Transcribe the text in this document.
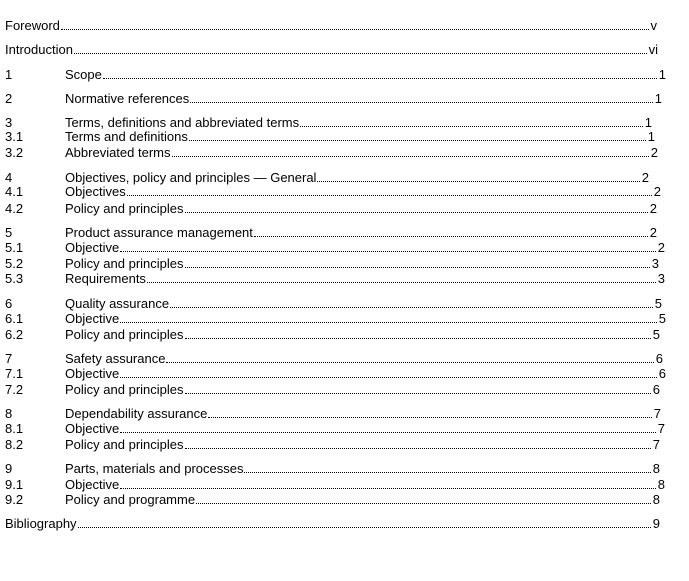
Foreword	v
Introduction	vi
1	Scope	1
2	Normative references	1
3	Terms, definitions and abbreviated terms	1
3.1	Terms and definitions	1
3.2	Abbreviated terms	2
4	Objectives, policy and principles — General	2
4.1	Objectives	2
4.2	Policy and principles	2
5	Product assurance management	2
5.1	Objective	2
5.2	Policy and principles	3
5.3	Requirements	3
6	Quality assurance	5
6.1	Objective	5
6.2	Policy and principles	5
7	Safety assurance	6
7.1	Objective	6
7.2	Policy and principles	6
8	Dependability assurance	7
8.1	Objective	7
8.2	Policy and principles	7
9	Parts, materials and processes	8
9.1	Objective	8
9.2	Policy and programme	8
Bibliography	9
